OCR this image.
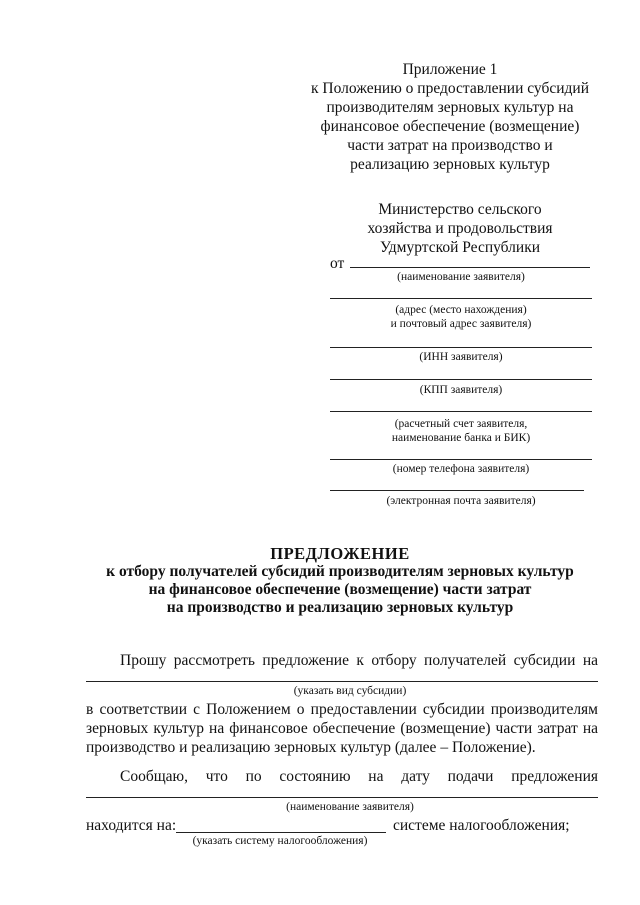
Приложение 1
к Положению о предоставлении субсидий
производителям зерновых культур на
финансовое обеспечение (возмещение)
части затрат на производство и
реализацию зерновых культур
Министерство сельского
хозяйства и продовольствия
Удмуртской Республики
от
(наименование заявителя)
(адрес (место нахождения)
и почтовый адрес заявителя)
(ИНН заявителя)
(КПП заявителя)
(расчетный счет заявителя,
наименование банка и БИК)
(номер телефона заявителя)
(электронная почта заявителя)
ПРЕДЛОЖЕНИЕ
к отбору получателей субсидий производителям зерновых культур
на финансовое обеспечение (возмещение) части затрат
на производство и реализацию зерновых культур
Прошу рассмотреть предложение к отбору получателей субсидии на
(указать вид субсидии)
в соответствии с Положением о предоставлении субсидии производителям
зерновых культур на финансовое обеспечение (возмещение) части затрат на
производство и реализацию зерновых культур (далее – Положение).
Сообщаю, что по состоянию на дату подачи предложения
(наименование заявителя)
находится на:	системе налогообложения;
(указать систему налогообложения)
